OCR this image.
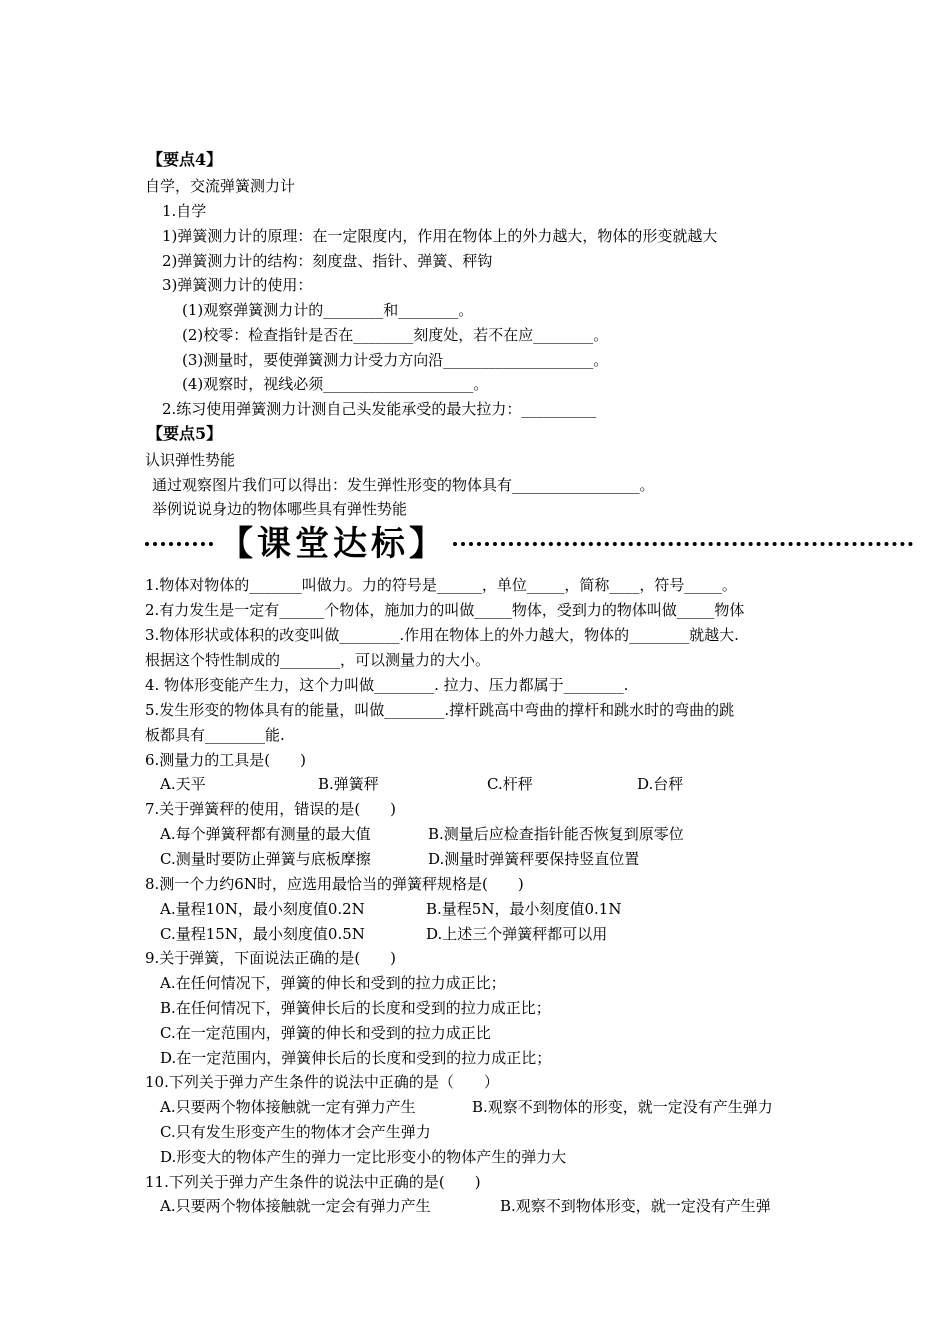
【要点4】
自学，交流弹簧测力计
1.自学
1)弹簧测力计的原理：在一定限度内，作用在物体上的外力越大，物体的形变就越大
2)弹簧测力计的结构：刻度盘、指针、弹簧、秤钩
3)弹簧测力计的使用：
(1)观察弹簧测力计的________和________。
(2)校零：检查指针是否在________刻度处，若不在应________。
(3)测量时，要使弹簧测力计受力方向沿____________________。
(4)观察时，视线必须____________________。
2.练习使用弹簧测力计测自己头发能承受的最大拉力：__________
【要点5】
认识弹性势能
通过观察图片我们可以得出：发生弹性形变的物体具有_________________。
举例说说身边的物体哪些具有弹性势能
【课堂达标】
1.物体对物体的_______叫做力。力的符号是______，单位_____，简称____，符号_____。
2.有力发生是一定有______个物体，施加力的叫做_____物体，受到力的物体叫做_____物体
3.物体形状或体积的改变叫做________.作用在物体上的外力越大，物体的________就越大.
根据这个特性制成的________，可以测量力的大小。
4. 物体形变能产生力，这个力叫做________. 拉力、压力都属于________.
5.发生形变的物体具有的能量，叫做________.撑杆跳高中弯曲的撑杆和跳水时的弯曲的跳
板都具有________能.
6.测量力的工具是(　　)
A.天平	B.弹簧秤	C.杆秤	D.台秤
7.关于弹簧秤的使用，错误的是(　　)
A.每个弹簧秤都有测量的最大值	B.测量后应检查指针能否恢复到原零位
C.测量时要防止弹簧与底板摩擦	D.测量时弹簧秤要保持竖直位置
8.测一个力约6N时，应选用最恰当的弹簧秤规格是(　　)
A.量程10N，最小刻度值0.2N	B.量程5N，最小刻度值0.1N
C.量程15N，最小刻度值0.5N	D.上述三个弹簧秤都可以用
9.关于弹簧，下面说法正确的是(　　)
A.在任何情况下，弹簧的伸长和受到的拉力成正比；
B.在任何情况下，弹簧伸长后的长度和受到的拉力成正比；
C.在一定范围内，弹簧的伸长和受到的拉力成正比
D.在一定范围内，弹簧伸长后的长度和受到的拉力成正比；
10.下列关于弹力产生条件的说法中正确的是（　　）
A.只要两个物体接触就一定有弹力产生	B.观察不到物体的形变，就一定没有产生弹力
C.只有发生形变产生的物体才会产生弹力
D.形变大的物体产生的弹力一定比形变小的物体产生的弹力大
11.下列关于弹力产生条件的说法中正确的是(　　)
A.只要两个物体接触就一定会有弹力产生	B.观察不到物体形变，就一定没有产生弹
